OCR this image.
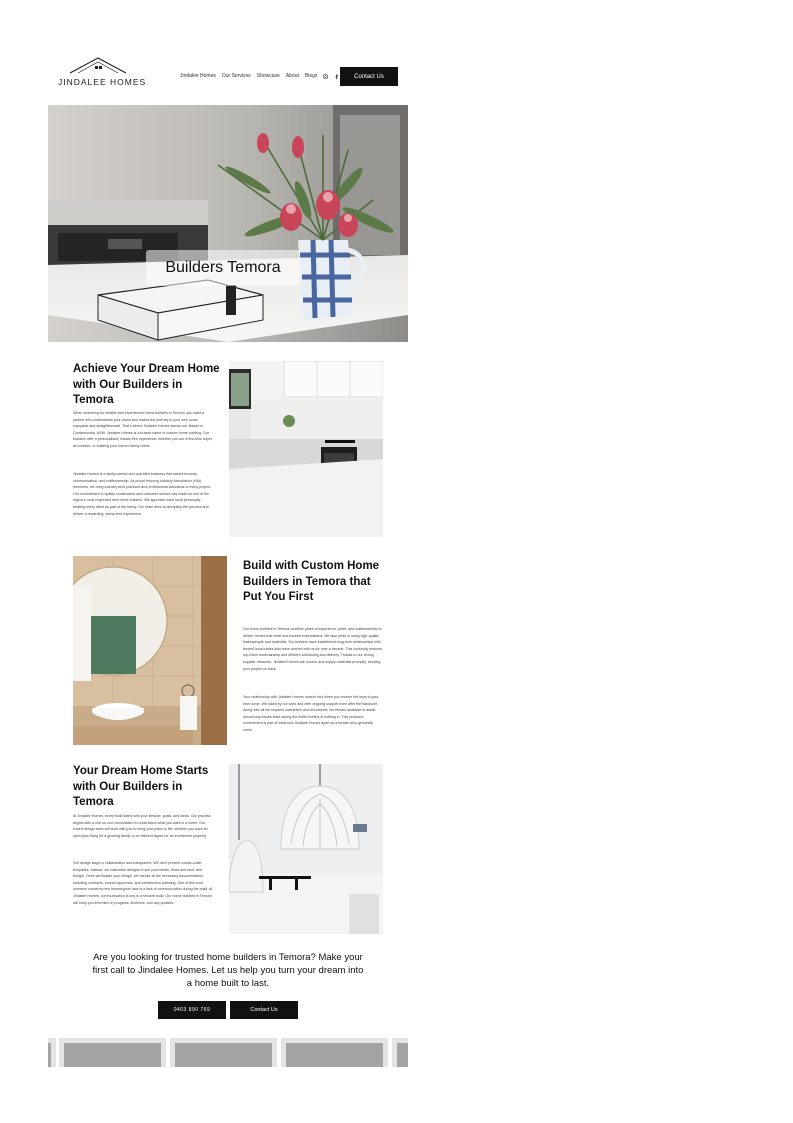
JINDALEE HOMES
Jindalee Homes Our Services Showcase About Blogs	Contact Us
Builders Temora
Achieve Your Dream Home with Our Builders in Temora
When searching for reliable and experienced home builders in Temora, you want a partner who understands your vision and makes the journey to your new home enjoyable and straightforward. That's where Jindalee Homes stands out. Based in Cootamundra, NSW, Jindalee Homes is a trusted name in custom home building. Our builders offer a personalised, hassle-free experience, whether you are a first-time buyer, an investor, or building your forever family home.
Jindalee Homes is a family-owned and operated business that values honesty, communication, and craftsmanship. As proud Housing Industry Association (HIA) members, we bring industry best practices and professional standards to every project. Our commitment to quality construction and customer service has made us one of the region's most respected new home builders. We approach each build personally, treating every client as part of the family. Our team aims to demystify the process and deliver a rewarding, stress-free experience.
Build with Custom Home Builders in Temora that Put You First
Our home builders in Temora combine years of experience, pride, and craftsmanship to deliver homes that meet and exceed expectations. We take pride in using high-quality tradespeople and materials. Our builders have established long-term relationships with trusted local trades who have worked with us for over a decade. This continuity ensures top-notch workmanship and efficient scheduling and delivery. Thanks to our strong supplier networks, Jindalee Homes can source and supply materials promptly, keeping your project on track.
Your relationship with Jindalee Homes doesn't end when you receive the keys to your new home. We stand by our work and offer ongoing support even after the handover. Along with all the required warranties and documents, we remain available to assist should any issues arise during the initial months of settling in. This profound commitment is part of what sets Jindalee Homes apart as a builder who genuinely cares.
Your Dream Home Starts with Our Builders in Temora
At Jindalee Homes, every build starts with your lifestyle, goals, and ideas. Our process begins with a one-on-one consultation to understand what you want in a home. Our expert design team will work with you to bring your plans to life, whether you want an open-plan living for a growing family or an efficient layout for an investment property.
Our design stage is collaborative and transparent. We don't present cookie-cutter templates. Instead, we customise designs to suit your needs, block and land, and budget. Once we finalise your design, we handle all the necessary documentation, including contracts, council approvals, and construction planning. One of the most common concerns new homebuyers face is a lack of communication during the build. At Jindalee Homes, communication is key to a smooth build. Our home builders in Temora will keep you informed on progress, timelines, and any updates.
Are you looking for trusted home builders in Temora? Make your first call to Jindalee Homes. Let us help you turn your dream into a home built to last.
0403 890 769	Contact Us
